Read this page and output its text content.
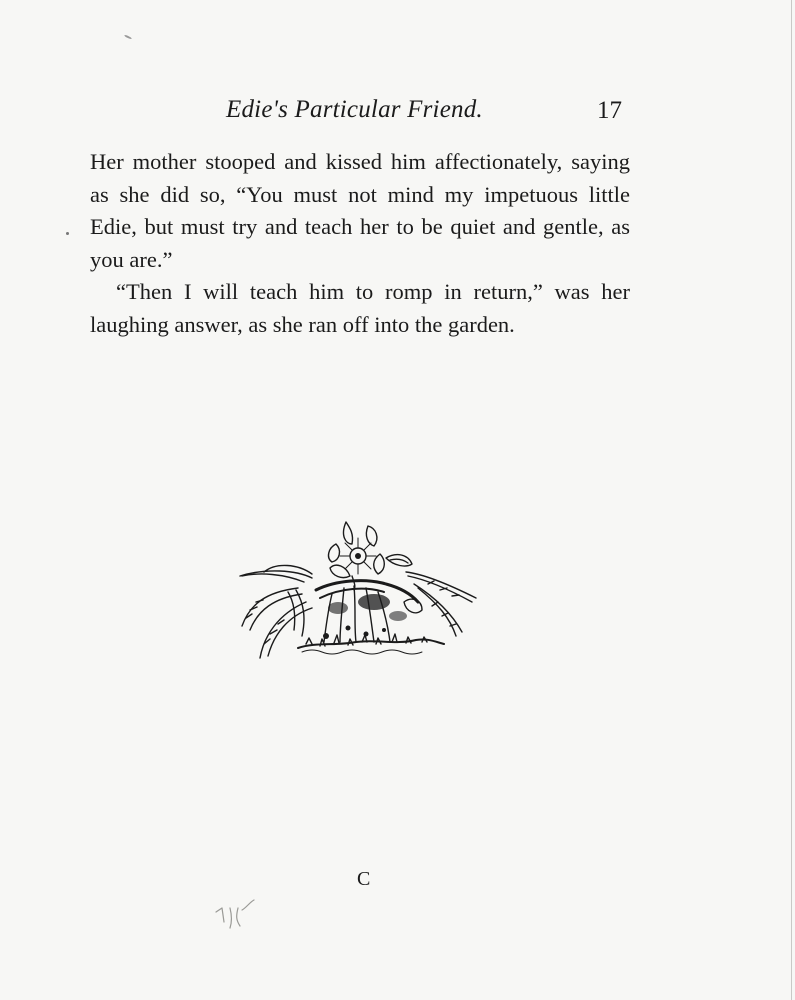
Edie's Particular Friend.	17

Her mother stooped and kissed him affectionately, saying as she did so, “You must not mind my impetuous little Edie, but must try and teach her to be quiet and gentle, as you are.”

“Then I will teach him to romp in return,” was her laughing answer, as she ran off into the garden.

C
